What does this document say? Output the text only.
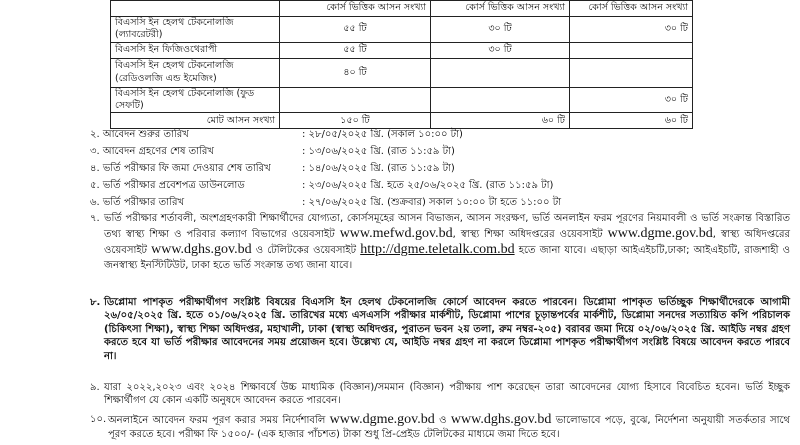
	কোর্স ভিত্তিক আসন সংখ্যা	কোর্স ভিত্তিক আসন সংখ্যা	কোর্স ভিত্তিক আসন সংখ্যা
বিএসসি ইন হেলথ টেকনোলজি (ল্যাবরেটরী)	৫৫ টি	৩০ টি	৩০ টি
বিএসসি ইন ফিজিওথেরাপী	৫৫ টি	৩০ টি	
বিএসসি ইন হেলথ টেকনোলজি (রেডিওলজি এন্ড ইমেজিং)	৪০ টি		
বিএসসি ইন হেলথ টেকনোলজি (ফুড সেফটি)			৩০ টি
মোট আসন সংখ্যা	১৫০ টি	৬০ টি	৬০ টি
২. আবেদন শুরুর তারিখ	: ২৮/০৫/২০২৫ খ্রি. (সকাল ১০:০০ টা)
৩. আবেদন গ্রহণের শেষ তারিখ	: ১৩/০৬/২০২৫ খ্রি. (রাত ১১:৫৯ টা)
৪. ভর্তি পরীক্ষার ফি জমা দেওয়ার শেষ তারিখ	: ১৪/০৬/২০২৫ খ্রি. (রাত ১১:৫৯ টা)
৫. ভর্তি পরীক্ষার প্রবেশপত্র ডাউনলোড	: ২৩/০৬/২০২৫ খ্রি. হতে ২৫/০৬/২০২৫ খ্রি. (রাত ১১:৫৯ টা)
৬. ভর্তি পরীক্ষার তারিখ	: ২৭/০৬/২০২৫ খ্রি. (শুক্রবার) সকাল ১০:০০ টা হতে ১১:০০ টা
৭. ভর্তি পরীক্ষার শর্তাবলী, অংশগ্রহণকারী শিক্ষার্থীদের যোগ্যতা, কোর্সসমূহের আসন বিভাজন, আসন সংরক্ষণ, ভর্তি অনলাইন ফরম পূরণের নিয়মাবলী ও ভর্তি সংক্রান্ত বিস্তারিত তথ্য স্বাস্থ্য শিক্ষা ও পরিবার কল্যাণ বিভাগের ওয়েবসাইট www.mefwd.gov.bd, স্বাস্থ্য শিক্ষা অধিদপ্তরের ওয়েবসাইট www.dgme.gov.bd, স্বাস্থ্য অধিদপ্তরের ওয়েবসাইট www.dghs.gov.bd ও টেলিটকের ওয়েবসাইট http://dgme.teletalk.com.bd হতে জানা যাবে। এছাড়া আইএইচটি,ঢাকা; আইএইচটি, রাজশাহী ও জনস্বাস্থ্য ইনস্টিটিউট, ঢাকা হতে ভর্তি সংক্রান্ত তথ্য জানা যাবে।
৮. ডিপ্লোমা পাশকৃত পরীক্ষার্থীগণ সংশ্লিষ্ট বিষয়ের বিএসসি ইন হেলথ টেকনোলজি কোর্সে আবেদন করতে পারবেন। ডিপ্লোমা পাশকৃত ভর্তিচ্ছুক শিক্ষার্থীদেরকে আগামী ২৬/০৫/২০২৫ খ্রি. হতে ০১/০৬/২০২৫ খ্রি. তারিখের মধ্যে এসএসসি পরীক্ষার মার্কশীট, ডিপ্লোমা পাশের চূড়ান্তপর্বের মার্কশীট, ডিপ্লোমা সনদের সত্যায়িত কপি পরিচালক (চিকিৎসা শিক্ষা), স্বাস্থ্য শিক্ষা অধিদপ্তর, মহাখালী, ঢাকা (স্বাস্থ্য অধিদপ্তর, পুরাতন ভবন ২য় তলা, রুম নম্বর-২০৫) বরাবর জমা দিয়ে ০২/০৬/২০২৫ খ্রি. আইডি নম্বর গ্রহণ করতে হবে যা ভর্তি পরীক্ষার আবেদনের সময় প্রয়োজন হবে। উল্লেখ্য যে, আইডি নম্বর গ্রহণ না করলে ডিপ্লোমা পাশকৃত পরীক্ষার্থীগণ সংশ্লিষ্ট বিষয়ে আবেদন করতে পারবে না।
৯. যারা ২০২২,২০২৩ এবং ২০২৪ শিক্ষাবর্ষে উচ্চ মাধ্যমিক (বিজ্ঞান)/সমমান (বিজ্ঞান) পরীক্ষায় পাশ করেছেন তারা আবেদনের যোগ্য হিসাবে বিবেচিত হবেন। ভর্তি ইচ্ছুক শিক্ষার্থীগণ যে কোন একটি অনুষদে আবেদন করতে পারবেন।
১০. অনলাইনে আবেদন ফরম পূরণ করার সময় নির্দেশাবলি www.dgme.gov.bd ও www.dghs.gov.bd ভালোভাবে পড়ে, বুঝে, নির্দেশনা অনুযায়ী সতর্কতার সাথে পূরণ করতে হবে। পরীক্ষা ফি ১৫০০/- (এক হাজার পাঁচশত) টাকা শুধু প্রি-প্রেইড টেলিটকের মাধ্যমে জমা দিতে হবে।
